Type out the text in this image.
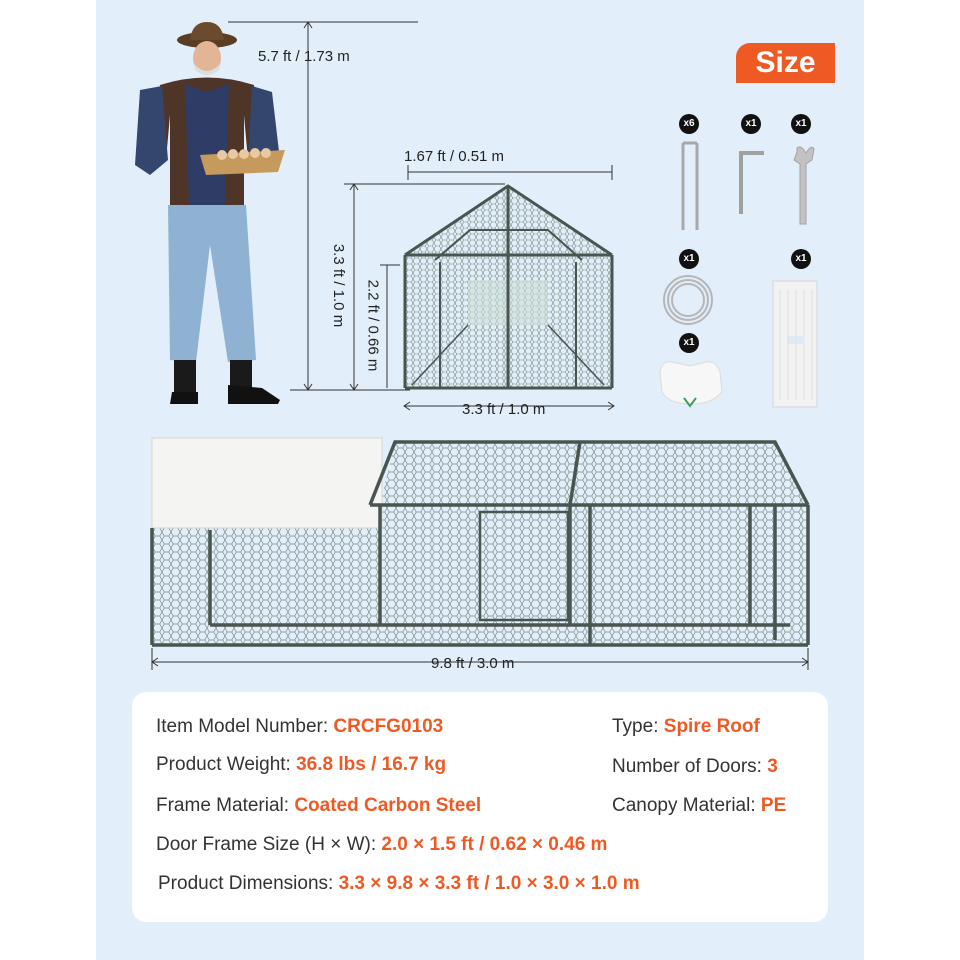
Size
5.7 ft / 1.73 m
1.67 ft / 0.51 m
3.3 ft / 1.0 m 2.2 ft / 0.66 m
3.3 ft / 1.0 m
9.8 ft / 3.0 m
x6	x1	x1
x1	x1
x1
Item Model Number: CRCFG0103	Type: Spire Roof
Product Weight: 36.8 lbs / 16.7 kg	Number of Doors: 3
Frame Material: Coated Carbon Steel	Canopy Material: PE
Door Frame Size (H × W): 2.0 × 1.5 ft / 0.62 × 0.46 m
Product Dimensions: 3.3 × 9.8 × 3.3 ft / 1.0 × 3.0 × 1.0 m
